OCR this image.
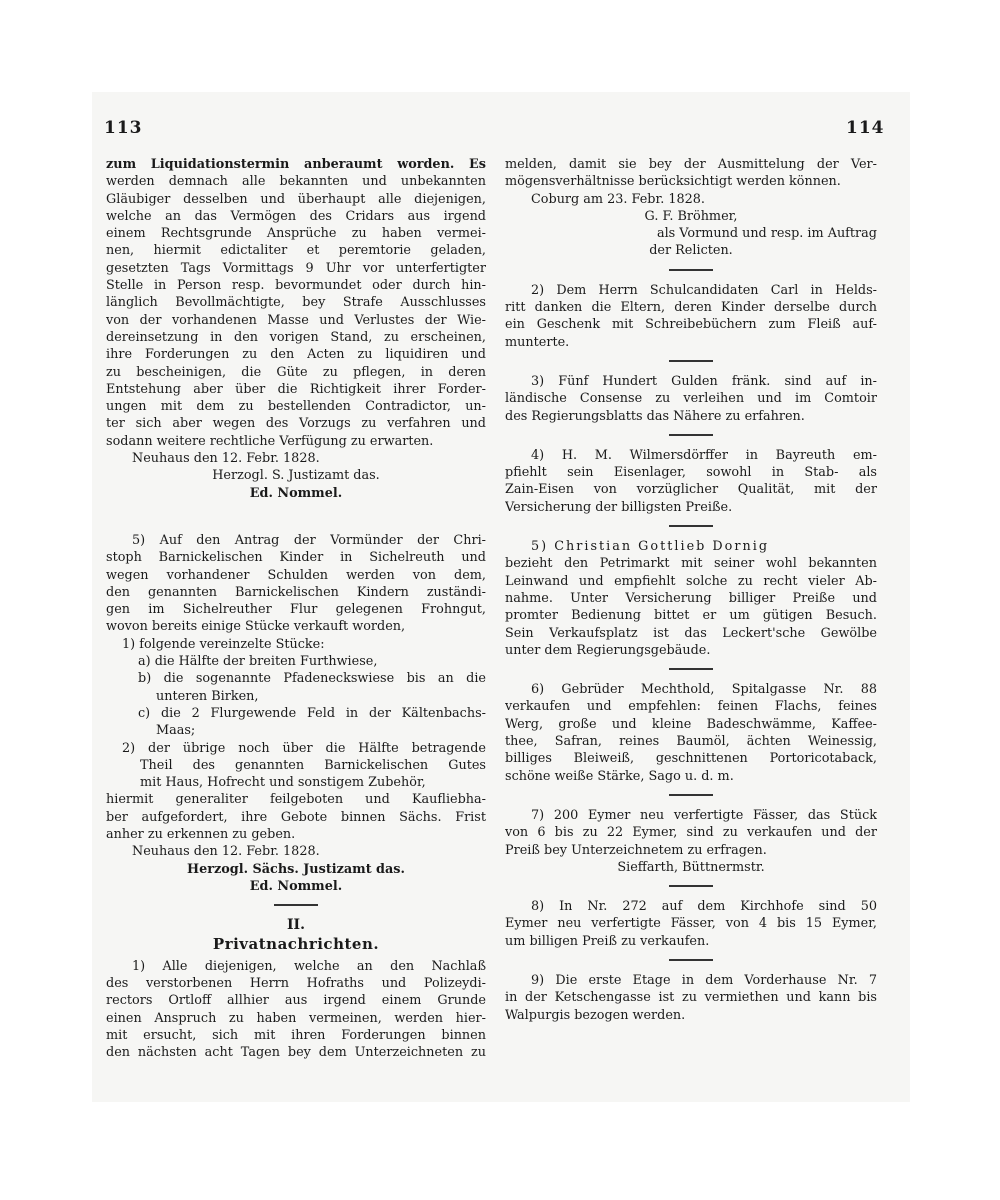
113	114
zum Liquidationstermin anberaumt worden. Es
werden demnach alle bekannten und unbekannten
Gläubiger desselben und überhaupt alle diejenigen,
welche an das Vermögen des Cridars aus irgend
einem Rechtsgrunde Ansprüche zu haben vermei-
nen, hiermit edictaliter et peremtorie geladen,
gesetzten Tags Vormittags 9 Uhr vor unterfertigter
Stelle in Person resp. bevormundet oder durch hin-
länglich Bevollmächtigte, bey Strafe Ausschlusses
von der vorhandenen Masse und Verlustes der Wie-
dereinsetzung in den vorigen Stand, zu erscheinen,
ihre Forderungen zu den Acten zu liquidiren und
zu bescheinigen, die Güte zu pflegen, in deren
Entstehung aber über die Richtigkeit ihrer Forder-
ungen mit dem zu bestellenden Contradictor, un-
ter sich aber wegen des Vorzugs zu verfahren und
sodann weitere rechtliche Verfügung zu erwarten.
Neuhaus den 12. Febr. 1828.
Herzogl. S. Justizamt das.
Ed. Nommel.
5) Auf den Antrag der Vormünder der Chri-
stoph Barnickelischen Kinder in Sichelreuth und
wegen vorhandener Schulden werden von dem,
den genannten Barnickelischen Kindern zuständi-
gen im Sichelreuther Flur gelegenen Frohngut,
wovon bereits einige Stücke verkauft worden,
1) folgende vereinzelte Stücke:
a) die Hälfte der breiten Furthwiese,
b) die sogenannte Pfadeneckswiese bis an die
unteren Birken,
c) die 2 Flurgewende Feld in der Kältenbachs-
Maas;
2) der übrige noch über die Hälfte betragende
Theil des genannten Barnickelischen Gutes
mit Haus, Hofrecht und sonstigem Zubehör,
hiermit generaliter feilgeboten und Kaufliebha-
ber aufgefordert, ihre Gebote binnen Sächs. Frist
anher zu erkennen zu geben.
Neuhaus den 12. Febr. 1828.
Herzogl. Sächs. Justizamt das.
Ed. Nommel.
II.
Privatnachrichten.
1) Alle diejenigen, welche an den Nachlaß
des verstorbenen Herrn Hofraths und Polizeydi-
rectors Ortloff allhier aus irgend einem Grunde
einen Anspruch zu haben vermeinen, werden hier-
mit ersucht, sich mit ihren Forderungen binnen
den nächsten acht Tagen bey dem Unterzeichneten zu
melden, damit sie bey der Ausmittelung der Ver-
mögensverhältnisse berücksichtigt werden können.
Coburg am 23. Febr. 1828.
G. F. Bröhmer,
als Vormund und resp. im Auftrag
der Relicten.
2) Dem Herrn Schulcandidaten Carl in Helds-
ritt danken die Eltern, deren Kinder derselbe durch
ein Geschenk mit Schreibebüchern zum Fleiß auf-
munterte.
3) Fünf Hundert Gulden fränk. sind auf in-
ländische Consense zu verleihen und im Comtoir
des Regierungsblatts das Nähere zu erfahren.
4) H. M. Wilmersdörffer in Bayreuth em-
pfiehlt sein Eisenlager, sowohl in Stab- als
Zain-Eisen von vorzüglicher Qualität, mit der
Versicherung der billigsten Preiße.
5) Christian Gottlieb Dornig
bezieht den Petrimarkt mit seiner wohl bekannten
Leinwand und empfiehlt solche zu recht vieler Ab-
nahme. Unter Versicherung billiger Preiße und
promter Bedienung bittet er um gütigen Besuch.
Sein Verkaufsplatz ist das Leckert'sche Gewölbe
unter dem Regierungsgebäude.
6) Gebrüder Mechthold, Spitalgasse Nr. 88
verkaufen und empfehlen: feinen Flachs, feines
Werg, große und kleine Badeschwämme, Kaffee-
thee, Safran, reines Baumöl, ächten Weinessig,
billiges Bleiweiß, geschnittenen Portoricotaback,
schöne weiße Stärke, Sago u. d. m.
7) 200 Eymer neu verfertigte Fässer, das Stück
von 6 bis zu 22 Eymer, sind zu verkaufen und der
Preiß bey Unterzeichnetem zu erfragen.
Sieffarth, Büttnermstr.
8) In Nr. 272 auf dem Kirchhofe sind 50
Eymer neu verfertigte Fässer, von 4 bis 15 Eymer,
um billigen Preiß zu verkaufen.
9) Die erste Etage in dem Vorderhause Nr. 7
in der Ketschengasse ist zu vermiethen und kann bis
Walpurgis bezogen werden.
